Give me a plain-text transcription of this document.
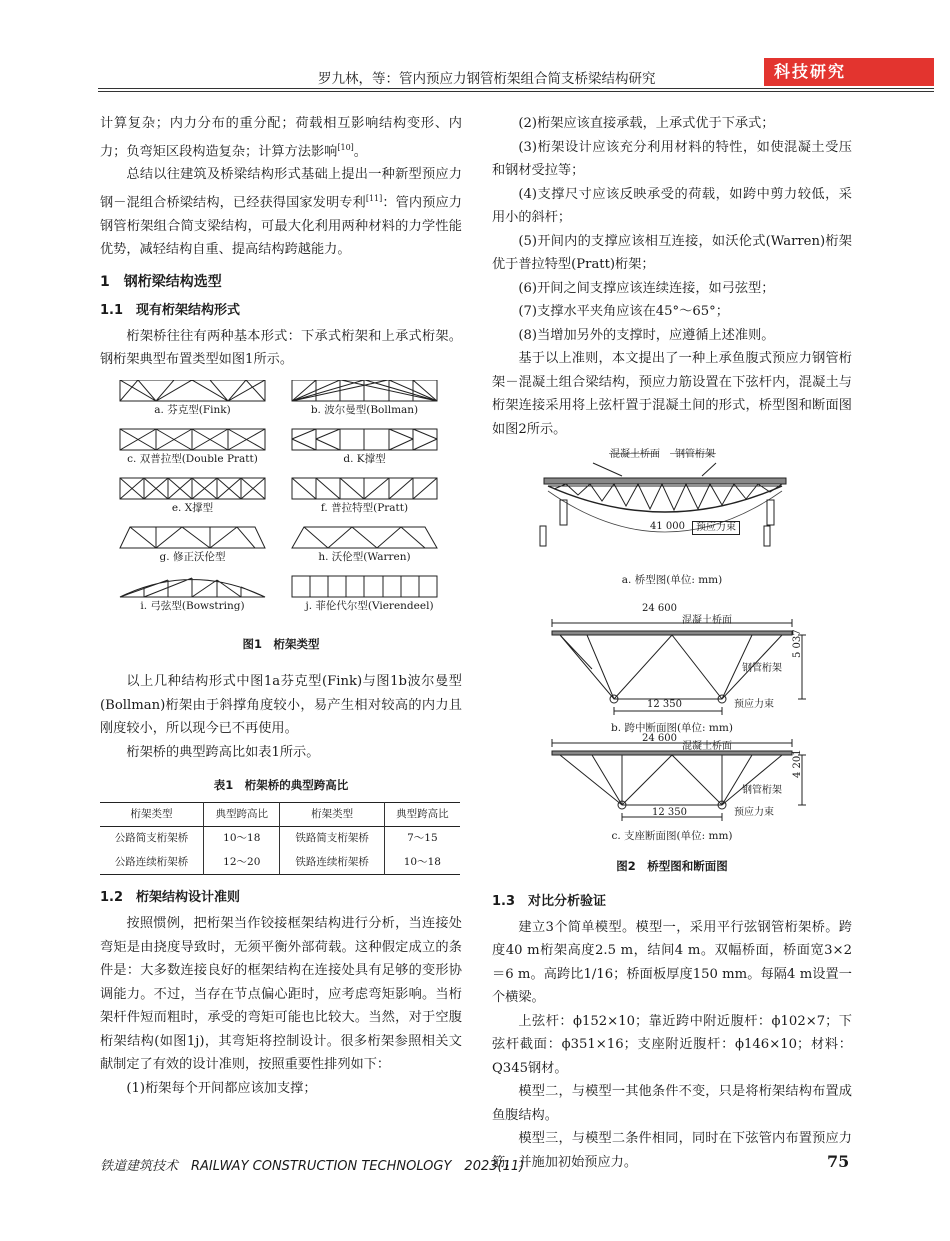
罗九林，等：管内预应力钢管桁架组合简支桥梁结构研究	科技研究

计算复杂；内力分布的重分配；荷载相互影响结构变形、内力；负弯矩区段构造复杂；计算方法影响[10]。

总结以往建筑及桥梁结构形式基础上提出一种新型预应力钢－混组合桥梁结构，已经获得国家发明专利[11]：管内预应力钢管桁架组合简支梁结构，可最大化利用两种材料的力学性能优势，减轻结构自重、提高结构跨越能力。

1　钢桁梁结构选型
1.1　现有桁架结构形式

桁架桥往往有两种基本形式：下承式桁架和上承式桁架。钢桁架典型布置类型如图1所示。

a. 芬克型(Fink)	b. 波尔曼型(Bollman)
c. 双普拉型(Double Pratt)	d. K撑型
e. X撑型	f. 普拉特型(Pratt)
g. 修正沃伦型	h. 沃伦型(Warren)
i. 弓弦型(Bowstring)	j. 菲伦代尔型(Vierendeel)
图1　桁架类型

以上几种结构形式中图1a芬克型(Fink)与图1b波尔曼型(Bollman)桁架由于斜撑角度较小，易产生相对较高的内力且刚度较小，所以现今已不再使用。

桁架桥的典型跨高比如表1所示。

表1　桁架桥的典型跨高比
桁架类型	典型跨高比	桁架类型	典型跨高比
公路简支桁架桥	10～18	铁路简支桁架桥	7～15
公路连续桁架桥	12～20	铁路连续桁架桥	10～18
1.2　桁架结构设计准则

按照惯例，把桁架当作铰接框架结构进行分析，当连接处弯矩是由挠度导致时，无须平衡外部荷载。这种假定成立的条件是：大多数连接良好的框架结构在连接处具有足够的变形协调能力。不过，当存在节点偏心距时，应考虑弯矩影响。当桁架杆件短而粗时，承受的弯矩可能也比较大。当然，对于空腹桁架结构(如图1j)，其弯矩将控制设计。很多桁架参照相关文献制定了有效的设计准则，按照重要性排列如下：

(1)桁架每个开间都应该加支撑；

(2)桁架应该直接承载，上承式优于下承式；

(3)桁架设计应该充分利用材料的特性，如使混凝土受压和钢材受拉等；

(4)支撑尺寸应该反映承受的荷载，如跨中剪力较低，采用小的斜杆；

(5)开间内的支撑应该相互连接，如沃伦式(Warren)桁架优于普拉特型(Pratt)桁架；

(6)开间之间支撑应该连续连接，如弓弦型；

(7)支撑水平夹角应该在45°～65°；

(8)当增加另外的支撑时，应遵循上述准则。

基于以上准则，本文提出了一种上承鱼腹式预应力钢管桁架－混凝土组合梁结构，预应力筋设置在下弦杆内，混凝土与桁架连接采用将上弦杆置于混凝土间的形式，桥型图和断面图如图2所示。

混凝土桥面 钢管桁架
41 000	预应力束
a. 桥型图(单位: mm)
24 600
混凝土桥面
钢管桁架
5 037
12 350	预应力束
b. 跨中断面图(单位: mm)
24 600
混凝土桥面
钢管桁架
4 201
12 350	预应力束
c. 支座断面图(单位: mm)
图2　桥型图和断面图
1.3　对比分析验证

建立3个简单模型。模型一，采用平行弦钢管桁架桥。跨度40 m桁架高度2.5 m，结间4 m。双幅桥面，桥面宽3×2＝6 m。高跨比1/16；桥面板厚度150 mm。每隔4 m设置一个横梁。

上弦杆：ϕ152×10；靠近跨中附近腹杆：ϕ102×7；下弦杆截面：ϕ351×16；支座附近腹杆：ϕ146×10；材料：Q345钢材。

模型二，与模型一其他条件不变，只是将桁架结构布置成鱼腹结构。

模型三，与模型二条件相同，同时在下弦管内布置预应力筋，并施加初始预应力。

铁道建筑技术　RAILWAY CONSTRUCTION TECHNOLOGY　2023(11)	75
